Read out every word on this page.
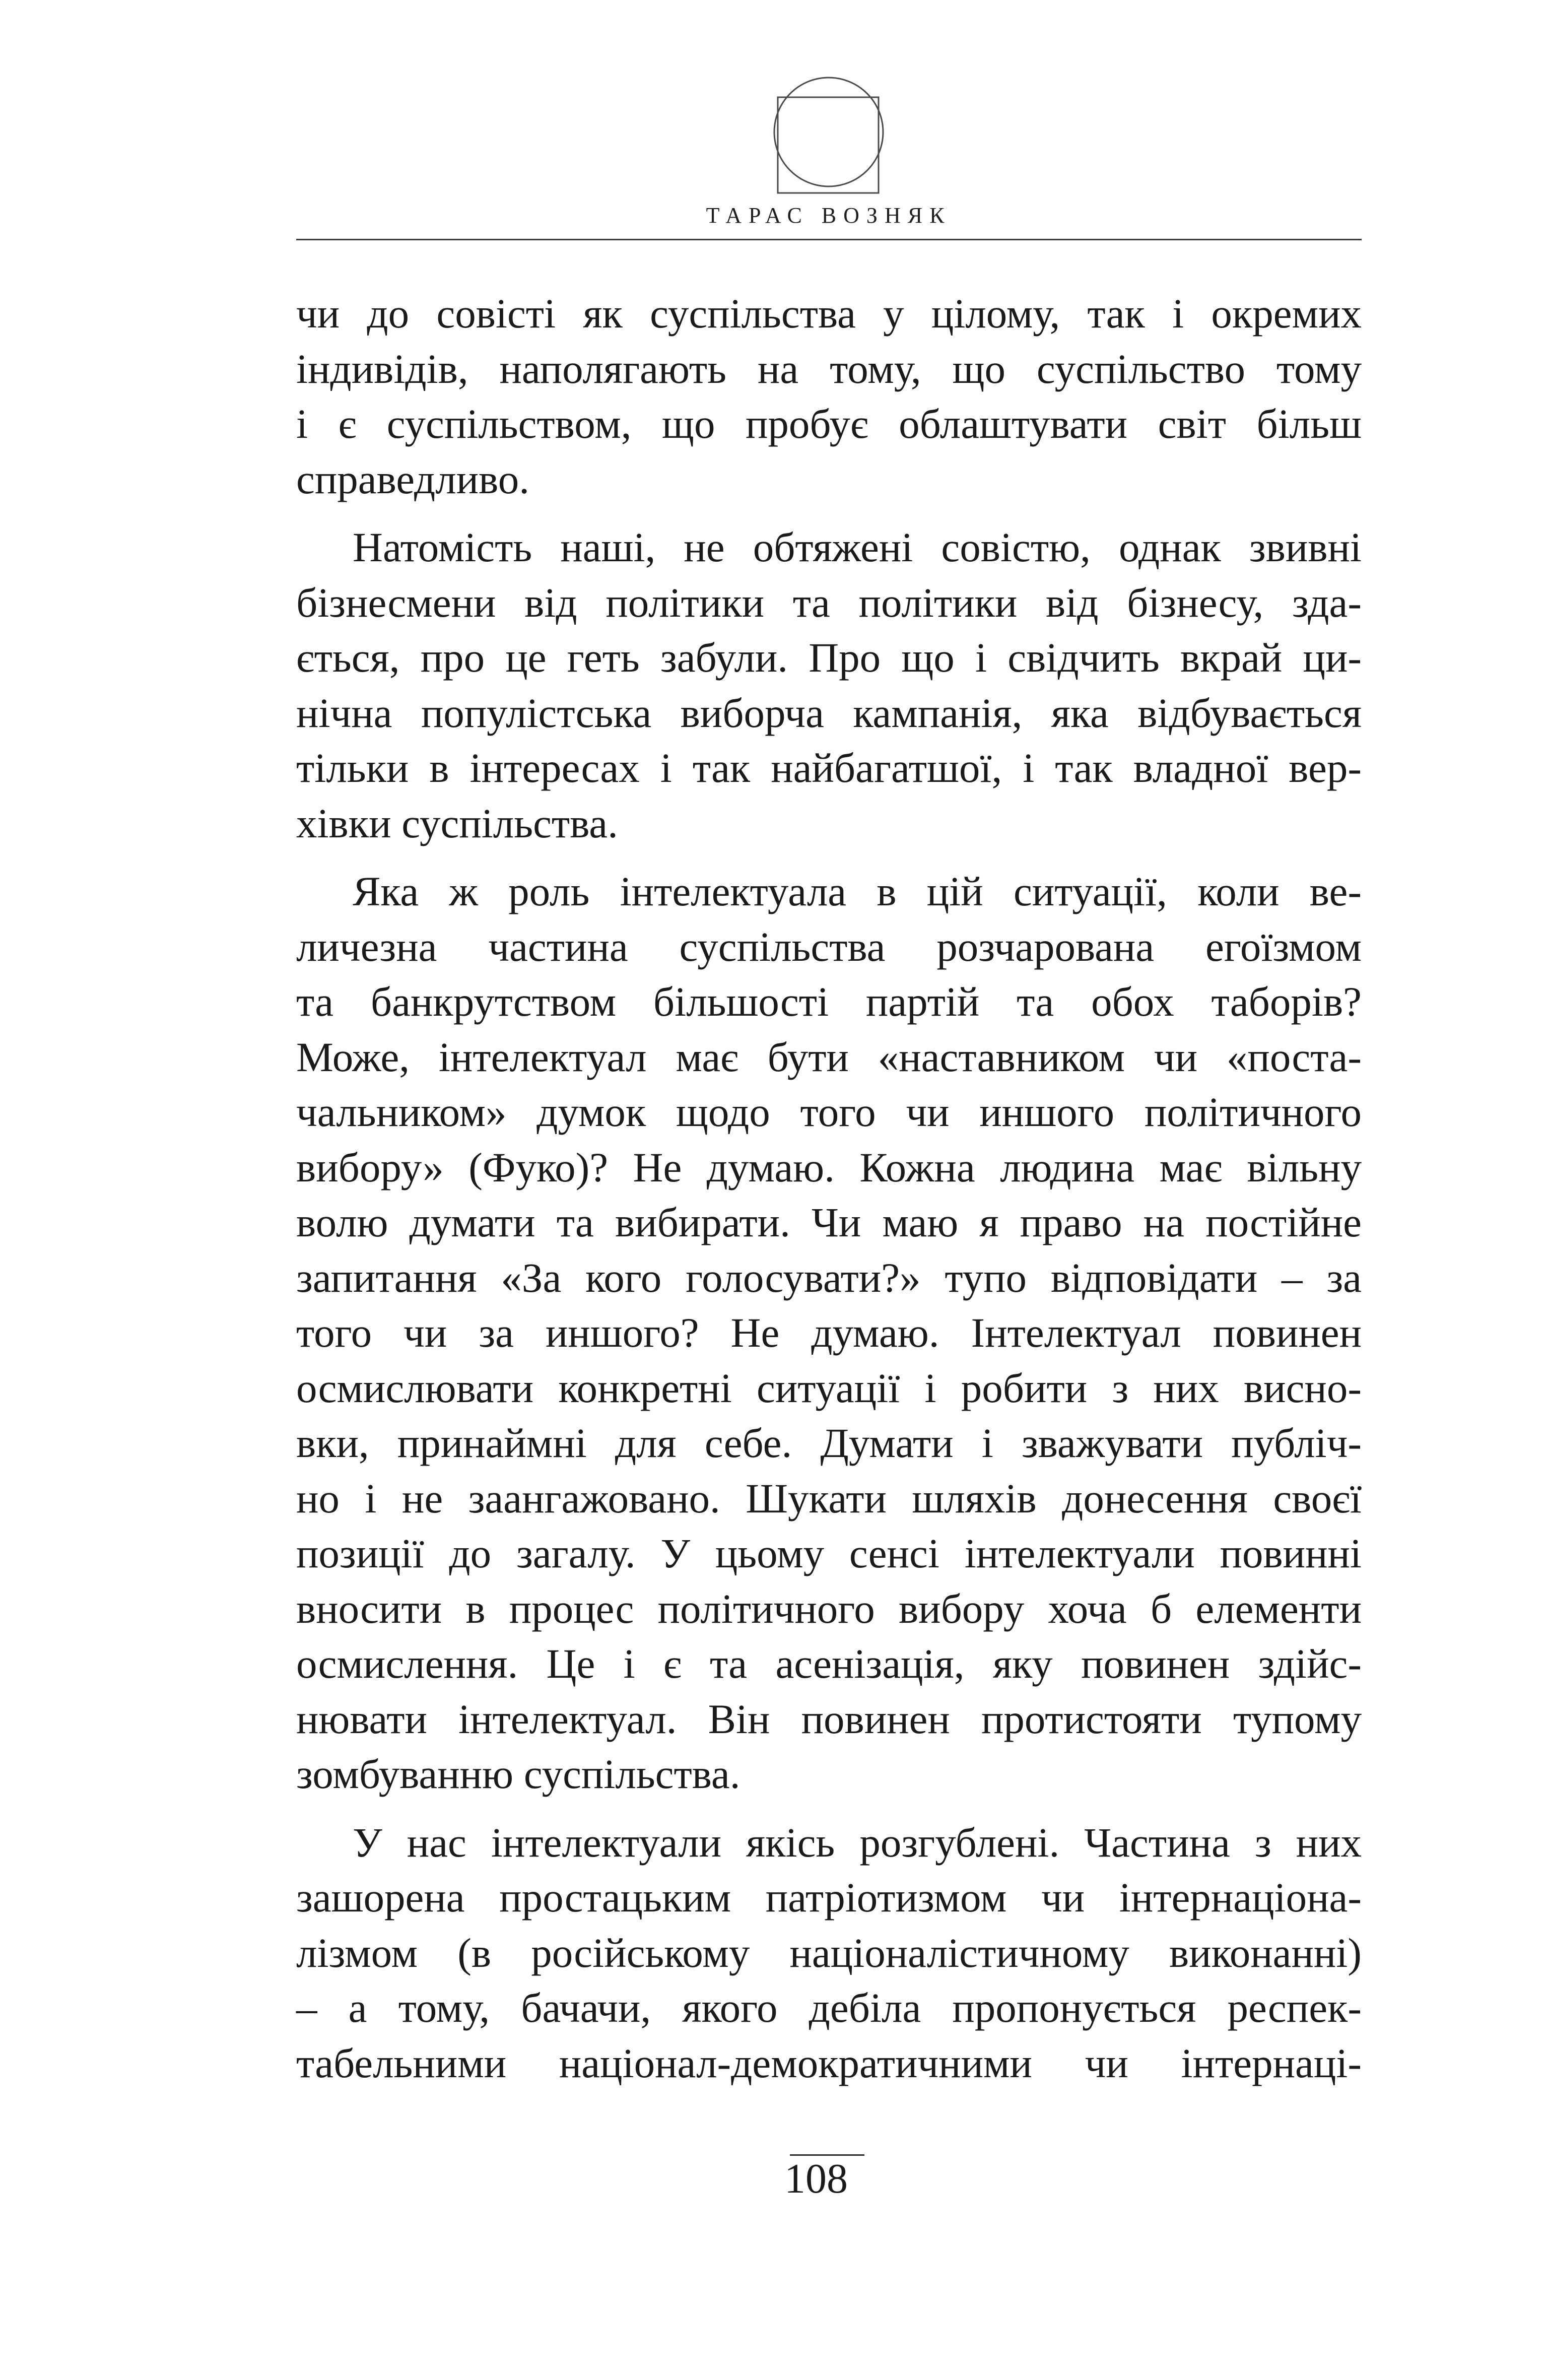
ТАРАС ВОЗНЯК

чи до совісті як суспільства у цілому, так і окремих
індивідів, наполягають на тому, що суспільство тому
і є суспільством, що пробує облаштувати світ більш
справедливо.

Натомість наші, не обтяжені совістю, однак звивні
бізнесмени від політики та політики від бізнесу, зда-
ється, про це геть забули. Про що і свідчить вкрай ци-
нічна популістська виборча кампанія, яка відбувається
тільки в інтересах і так найбагатшої, і так владної вер-
хівки суспільства.

Яка ж роль інтелектуала в цій ситуації, коли ве-
личезна частина суспільства розчарована егоїзмом
та банкрутством більшості партій та обох таборів?
Може, інтелектуал має бути «наставником чи «поста-
чальником» думок щодо того чи иншого політичного
вибору» (Фуко)? Не думаю. Кожна людина має вільну
волю думати та вибирати. Чи маю я право на постійне
запитання «За кого голосувати?» тупо відповідати – за
того чи за иншого? Не думаю. Інтелектуал повинен
осмислювати конкретні ситуації і робити з них висно-
вки, принаймні для себе. Думати і зважувати публіч-
но і не заангажовано. Шукати шляхів донесення своєї
позиції до загалу. У цьому сенсі інтелектуали повинні
вносити в процес політичного вибору хоча б елементи
осмислення. Це і є та асенізація, яку повинен здійс-
нювати інтелектуал. Він повинен протистояти тупому
зомбуванню суспільства.

У нас інтелектуали якісь розгублені. Частина з них
зашорена простацьким патріотизмом чи інтернаціона-
лізмом (в російському націоналістичному виконанні)
– а тому, бачачи, якого дебіла пропонується респек-
табельними націонал-демократичними чи інтернаці-

108
